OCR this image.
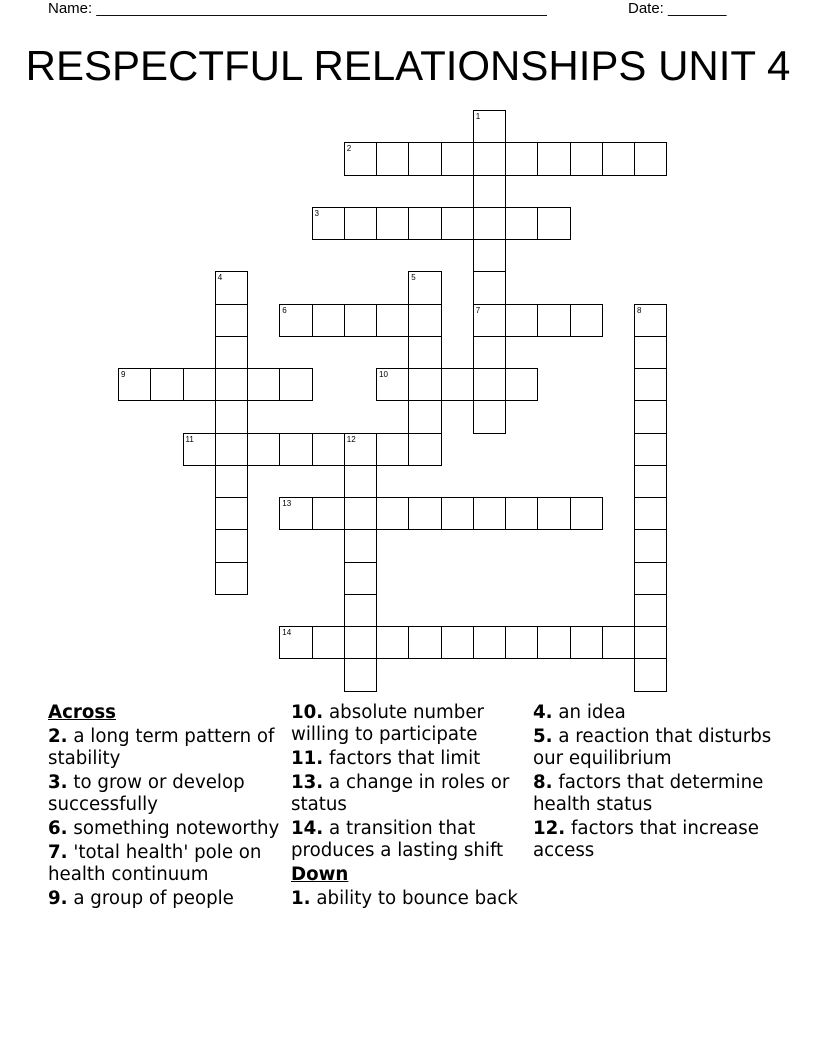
Name: ______________________________________________________	Date: _______
RESPECTFUL RELATIONSHIPS UNIT 4
1
7
2
3
4	5
6	8
9	10
11	12
13
14
Across
2. a long term pattern of stability
3. to grow or develop successfully
6. something noteworthy
7. 'total health' pole on health continuum
9. a group of people
10. absolute number willing to participate
11. factors that limit
13. a change in roles or status
14. a transition that produces a lasting shift
Down
1. ability to bounce back
4. an idea
5. a reaction that disturbs our equilibrium
8. factors that determine health status
12. factors that increase access
